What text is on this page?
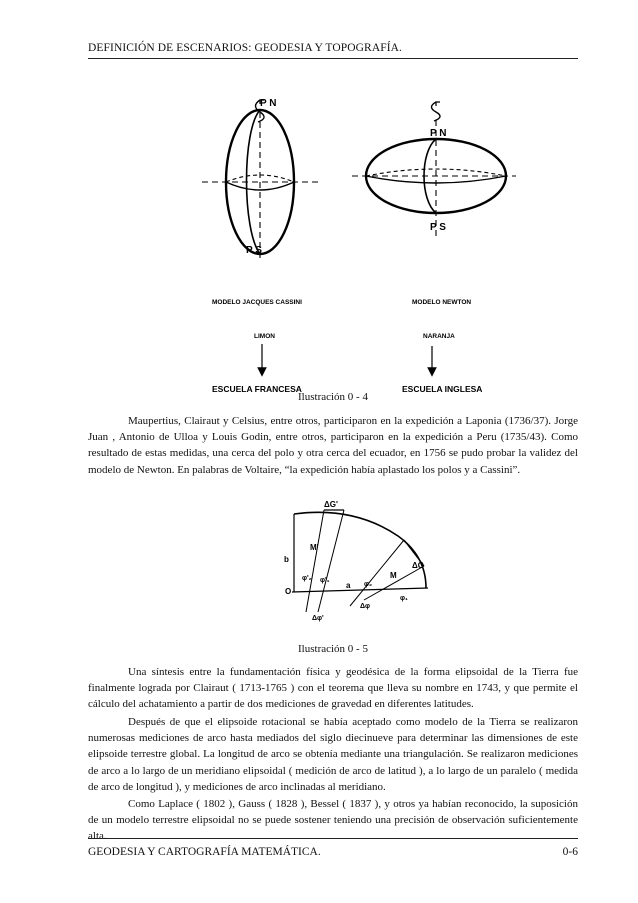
DEFINICIÓN DE ESCENARIOS: GEODESIA Y TOPOGRAFÍA.
P N
P S
MODELO JACQUES CASSINI
LIMON
ESCUELA FRANCESA
P N
P S
MODELO NEWTON
NARANJA
ESCUELA INGLESA
Ilustración 0 - 4

Maupertius, Clairaut y Celsius, entre otros, participaron en la expedición a Laponia (1736/37). Jorge Juan , Antonio de Ulloa y Louis Godin, entre otros, participaron en la expedición a Peru (1735/43). Como resultado de estas medidas, una cerca del polo y otra cerca del ecuador, en 1756 se pudo probar la validez del modelo de Newton. En palabras de Voltaire, “la expedición había aplastado los polos y a Cassini”.

ΔG'
ΔG
M'
M
b
O
a
φ'₁
φ₁
φ'₂
φ₂
Δφ
Δφ'
Ilustración 0 - 5

Una síntesis entre la fundamentación física y geodésica de la forma elipsoidal de la Tierra fue finalmente lograda por Clairaut ( 1713-1765 ) con el teorema que lleva su nombre en 1743, y que permite el cálculo del achatamiento a partir de dos mediciones de gravedad en diferentes latitudes.

Después de que el elipsoide rotacional se había aceptado como modelo de la Tierra se realizaron numerosas mediciones de arco hasta mediados del siglo diecinueve para determinar las dimensiones de este elipsoide terrestre global. La longitud de arco se obtenía mediante una triangulación. Se realizaron mediciones de arco a lo largo de un meridiano elipsoidal ( medición de arco de latitud ), a lo largo de un paralelo ( medida de arco de longitud ), y mediciones de arco inclinadas al meridiano.

Como Laplace ( 1802 ), Gauss ( 1828 ), Bessel ( 1837 ), y otros ya habían reconocido, la suposición de un modelo terrestre elipsoidal no se puede sostener teniendo una precisión de observación suficientemente alta.

GEODESIA Y CARTOGRAFÍA MATEMÁTICA.	0-6
